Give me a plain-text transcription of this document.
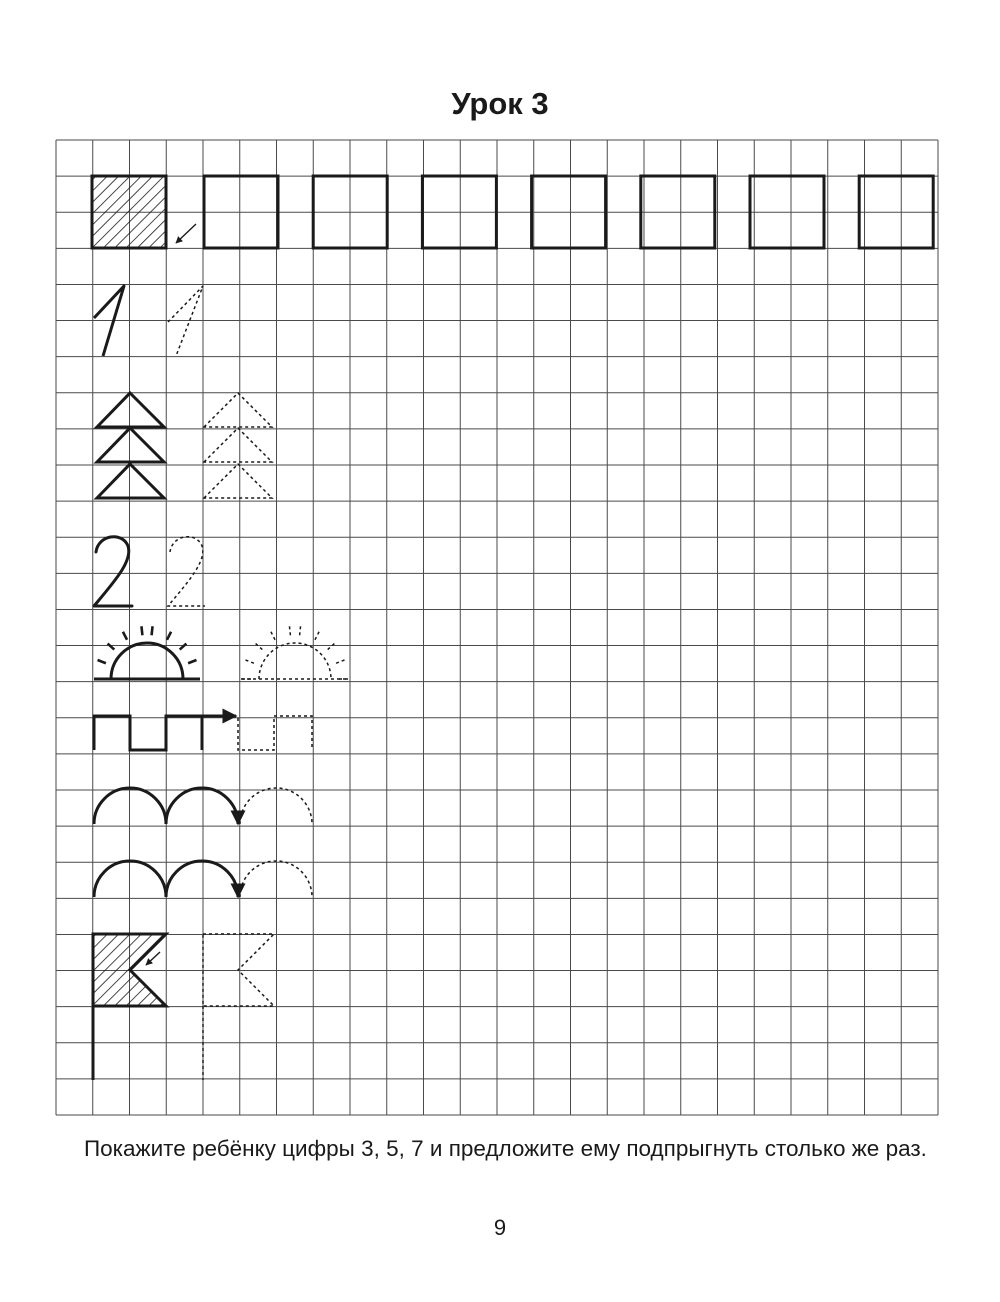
Урок 3
Покажите ребёнку цифры 3, 5, 7 и предложите ему подпрыгнуть столько же раз.
9
